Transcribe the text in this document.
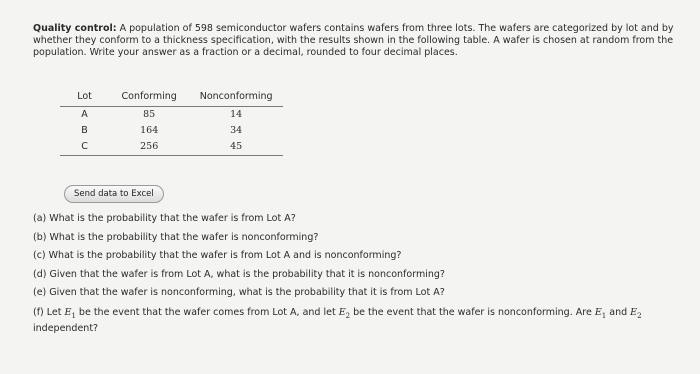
Quality control: A population of 598 semiconductor wafers contains wafers from three lots. The wafers are categorized by lot and by whether they conform to a thickness specification, with the results shown in the following table. A wafer is chosen at random from the population. Write your answer as a fraction or a decimal, rounded to four decimal places.
Lot	Conforming	Nonconforming
A	85	14
B	164	34
C	256	45
Send data to Excel
(a) What is the probability that the wafer is from Lot A?
(b) What is the probability that the wafer is nonconforming?
(c) What is the probability that the wafer is from Lot A and is nonconforming?
(d) Given that the wafer is from Lot A, what is the probability that it is nonconforming?
(e) Given that the wafer is nonconforming, what is the probability that it is from Lot A?
(f) Let $E_1$ be the event that the wafer comes from Lot A, and let $E_2$ be the event that the wafer is nonconforming. Are $E_1$ and $E_2$ independent?
